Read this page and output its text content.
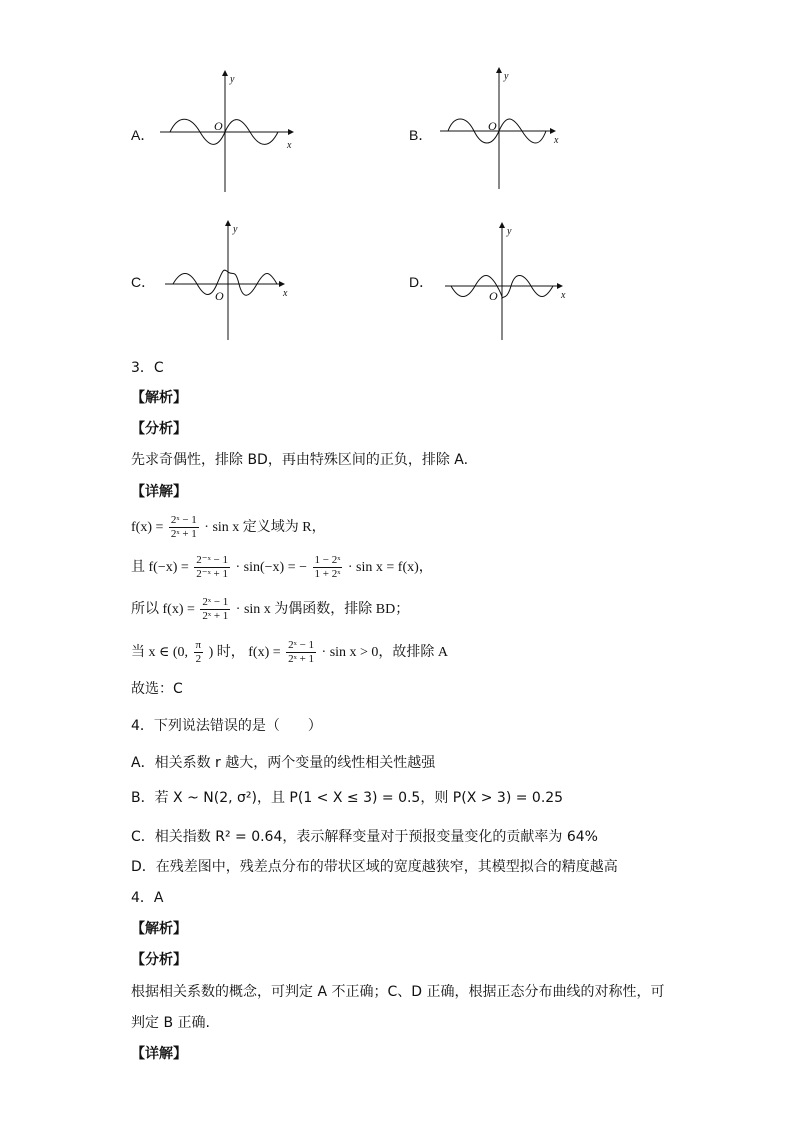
A．
x
y
O
B．	x
y
O
C．
x
y
O
D．
x
y
O
3．C
【解析】
【分析】
先求奇偶性，排除 BD，再由特殊区间的正负，排除 A.
【详解】
$f(x) = \frac{\text{2ˣ − 1}}{\text{2ˣ + 1}} \cdot \sin x$ 定义域为 R，
且 $f(-x) = \frac{\text{2⁻ˣ − 1}}{\text{2⁻ˣ + 1}} \cdot \sin(-x)$ = − $\frac{\text{1 − 2ˣ}}{\text{1 + 2ˣ}} \cdot \sin x = f(x)$，
所以 $f(x) = \frac{\text{2ˣ − 1}}{\text{2ˣ + 1}} \cdot \sin x$ 为偶函数，排除 BD；
当 x ∈ (0, $\frac{\pi}{2}$ ) 时， $f(x) = \frac{\text{2ˣ − 1}}{\text{2ˣ + 1}} \cdot \sin x > 0$，故排除 A
故选：C
4．下列说法错误的是（　　）
A．相关系数 r 越大，两个变量的线性相关性越强
B．若 X ~ N(2, σ²)，且 P(1 < X ≤ 3) = 0.5，则 P(X > 3) = 0.25
C．相关指数 R² = 0.64，表示解释变量对于预报变量变化的贡献率为 64%
D．在残差图中，残差点分布的带状区域的宽度越狭窄，其模型拟合的精度越高
4．A
【解析】
【分析】
根据相关系数的概念，可判定 A 不正确；C、D 正确，根据正态分布曲线的对称性，可
判定 B 正确.
【详解】
